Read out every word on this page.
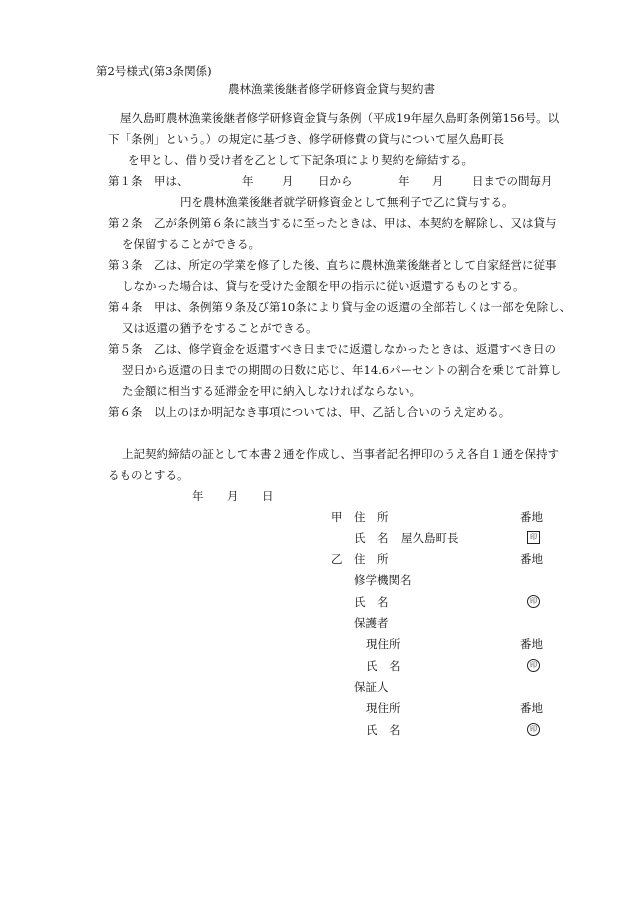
第2号様式(第3条関係)
農林漁業後継者修学研修資金貸与契約書
屋久島町農林漁業後継者修学研修資金貸与条例（平成19年屋久島町条例第156号。以
下「条例」という。）の規定に基づき、修学研修費の貸与について屋久島町長
を甲とし、借り受け者を乙として下記条項により契約を締結する。
第１条　甲は、	年 月 日から	年 月 日までの間毎月
円を農林漁業後継者就学研修資金として無利子で乙に貸与する。
第２条　乙が条例第６条に該当するに至ったときは、甲は、本契約を解除し、又は貸与
を保留することができる。
第３条　乙は、所定の学業を修了した後、直ちに農林漁業後継者として自家経営に従事
しなかった場合は、貸与を受けた金額を甲の指示に従い返還するものとする。
第４条　甲は、条例第９条及び第10条により貸与金の返還の全部若しくは一部を免除し、
又は返還の猶予をすることができる。
第５条　乙は、修学資金を返還すべき日までに返還しなかったときは、返還すべき日の
翌日から返還の日までの期間の日数に応じ、年14.6パーセントの割合を乗じて計算し
た金額に相当する延滞金を甲に納入しなければならない。
第６条　以上のほか明記なき事項については、甲、乙話し合いのうえ定める。
上記契約締結の証として本書２通を作成し、当事者記名押印のうえ各自１通を保持す
るものとする。
年 月 日
甲 住　所	番地
氏　名 屋久島町長	印
乙 住　所	番地
修学機関名
氏　名	印
保護者
現住所	番地
氏　名	印
保証人
現住所	番地
氏　名	印
